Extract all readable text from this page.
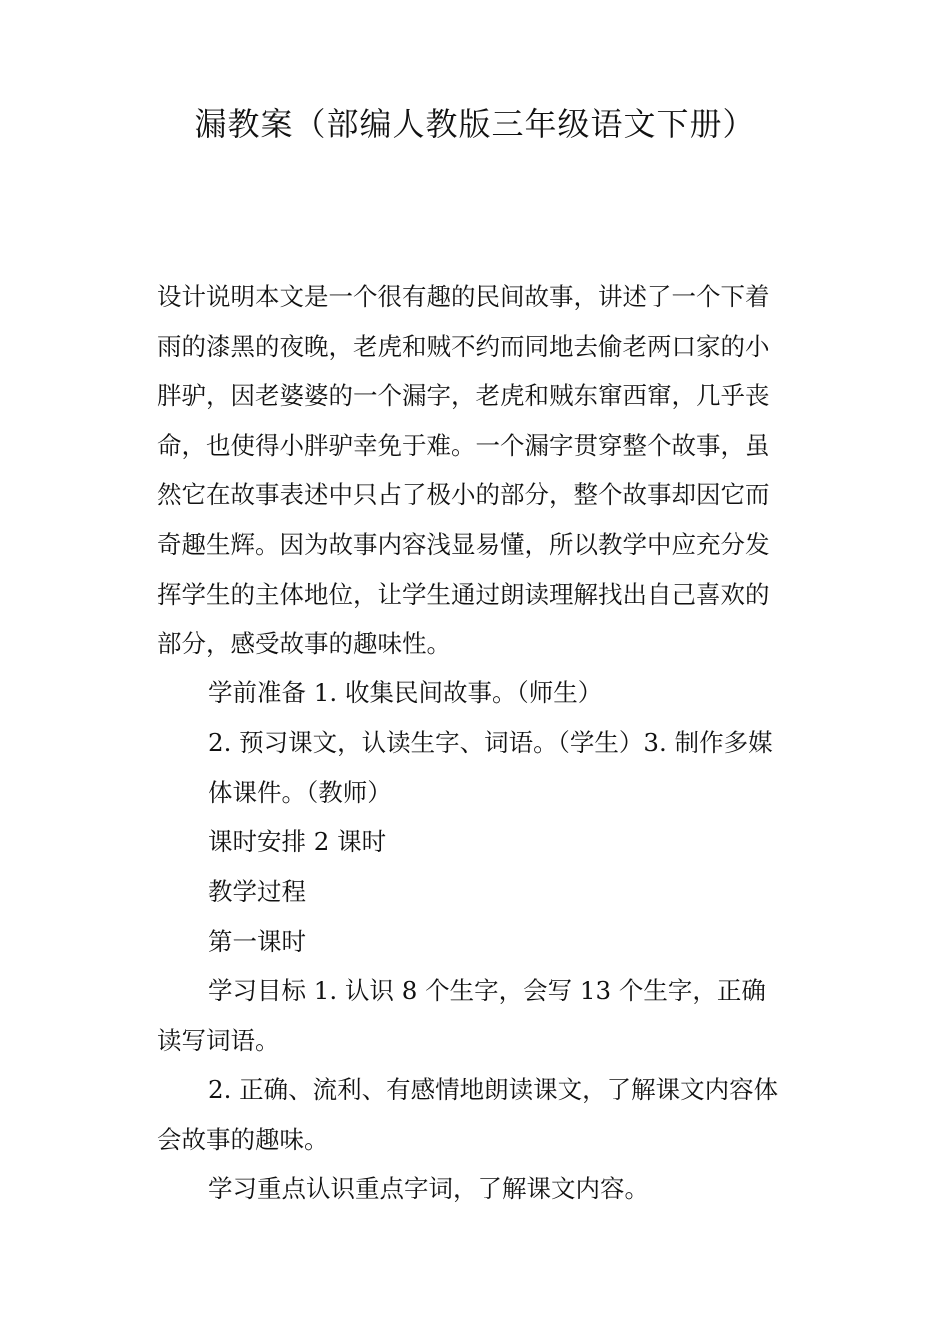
漏教案（部编人教版三年级语文下册）

设计说明本文是一个很有趣的民间故事，讲述了一个下着雨的漆黑的夜晚，老虎和贼不约而同地去偷老两口家的小胖驴，因老婆婆的一个漏字，老虎和贼东窜西窜，几乎丧命，也使得小胖驴幸免于难。一个漏字贯穿整个故事，虽然它在故事表述中只占了极小的部分，整个故事却因它而奇趣生辉。因为故事内容浅显易懂，所以教学中应充分发挥学生的主体地位，让学生通过朗读理解找出自己喜欢的部分，感受故事的趣味性。

学前准备 1. 收集民间故事。（师生）

2. 预习课文，认读生字、词语。（学生）3. 制作多媒体课件。（教师）

课时安排 2 课时

教学过程

第一课时

学习目标 1. 认识 8 个生字，会写 13 个生字，正确读写词语。

2. 正确、流利、有感情地朗读课文，了解课文内容体会故事的趣味。

学习重点认识重点字词，了解课文内容。
